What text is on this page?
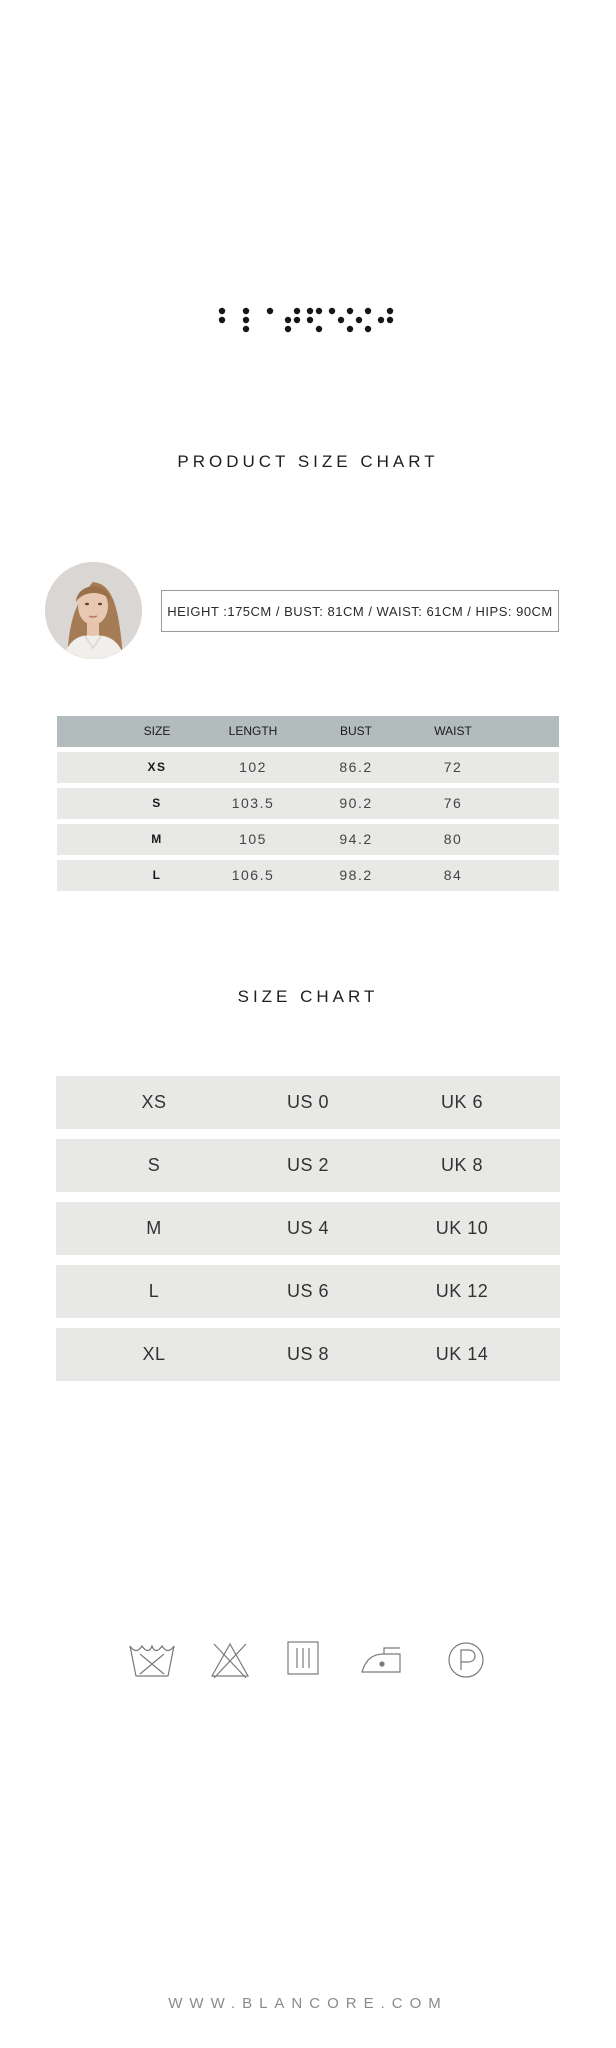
PRODUCT SIZE CHART
HEIGHT :175CM / BUST: 81CM / WAIST: 61CM / HIPS: 90CM
SIZE	LENGTH	BUST	WAIST
XS	102	86.2	72
S	103.5	90.2	76
M	105	94.2	80
L	106.5	98.2	84
SIZE CHART
XS	US 0	UK 6
S	US 2	UK 8
M	US 4	UK 10
L	US 6	UK 12
XL	US 8	UK 14
WWW.BLANCORE.COM
